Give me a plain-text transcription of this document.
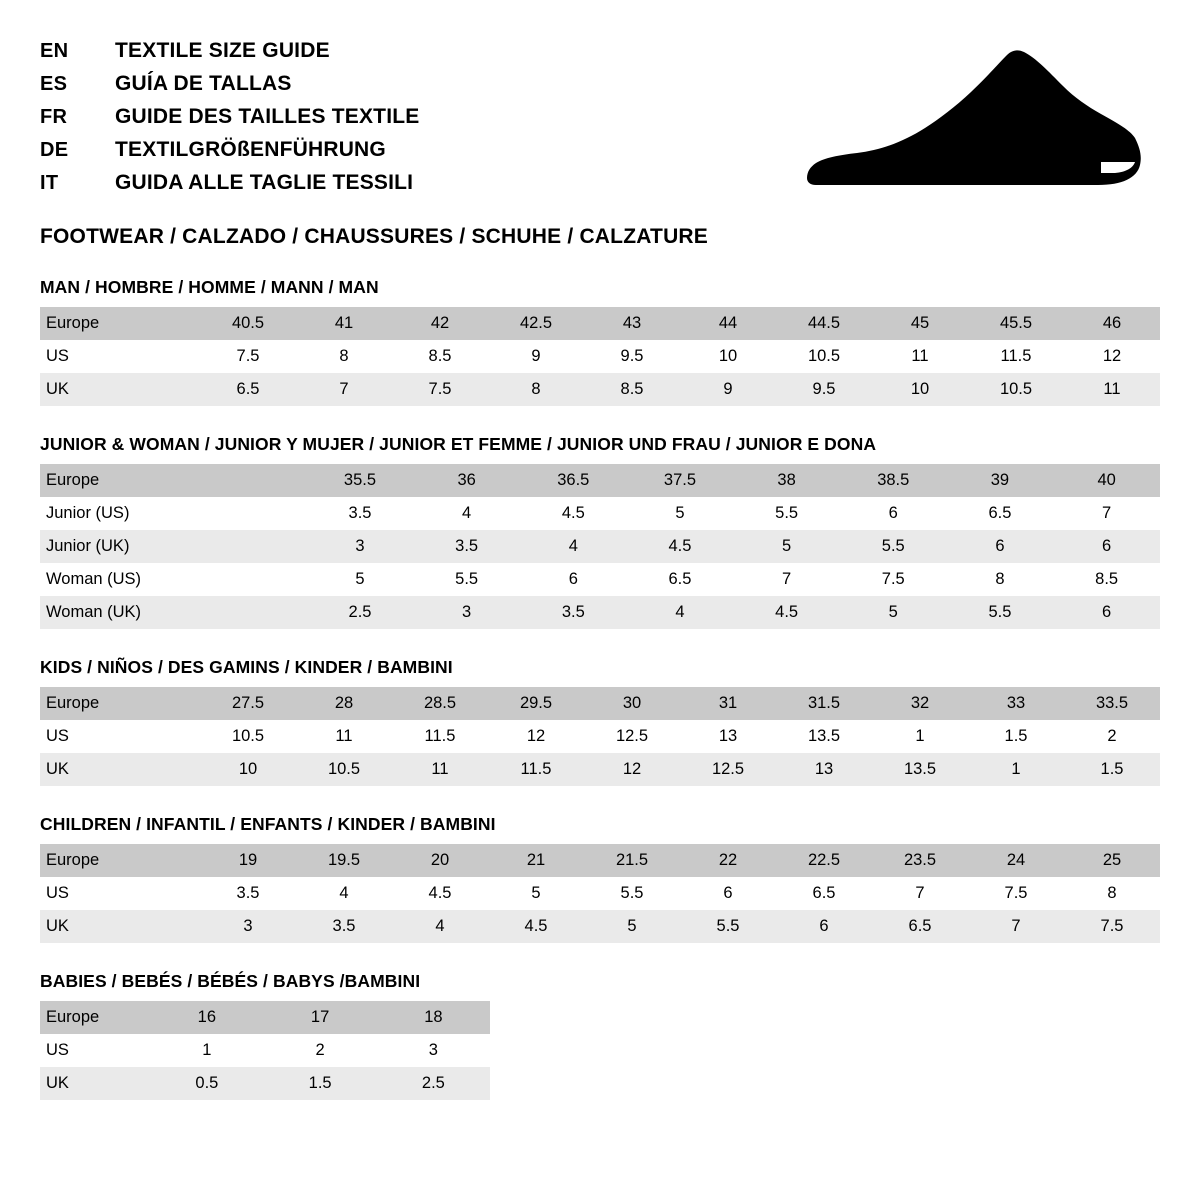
EN	TEXTILE SIZE GUIDE
ES	GUÍA DE TALLAS
FR	GUIDE DES TAILLES TEXTILE
DE	TEXTILGRÖßENFÜHRUNG
IT	GUIDA ALLE TAGLIE TESSILI
FOOTWEAR / CALZADO / CHAUSSURES / SCHUHE / CALZATURE
MAN / HOMBRE / HOMME / MANN / MAN
Europe	40.5	41	42	42.5	43	44	44.5	45	45.5	46
US	7.5	8	8.5	9	9.5	10	10.5	11	11.5	12
UK	6.5	7	7.5	8	8.5	9	9.5	10	10.5	11
JUNIOR & WOMAN / JUNIOR Y MUJER / JUNIOR ET FEMME / JUNIOR UND FRAU / JUNIOR E DONA
Europe		35.5	36	36.5	37.5	38	38.5	39	40
Junior (US)		3.5	4	4.5	5	5.5	6	6.5	7
Junior (UK)		3	3.5	4	4.5	5	5.5	6	6
Woman (US)		5	5.5	6	6.5	7	7.5	8	8.5
Woman (UK)		2.5	3	3.5	4	4.5	5	5.5	6
KIDS / NIÑOS / DES GAMINS / KINDER / BAMBINI
Europe	27.5	28	28.5	29.5	30	31	31.5	32	33	33.5
US	10.5	11	11.5	12	12.5	13	13.5	1	1.5	2
UK	10	10.5	11	11.5	12	12.5	13	13.5	1	1.5
CHILDREN / INFANTIL / ENFANTS / KINDER / BAMBINI
Europe	19	19.5	20	21	21.5	22	22.5	23.5	24	25
US	3.5	4	4.5	5	5.5	6	6.5	7	7.5	8
UK	3	3.5	4	4.5	5	5.5	6	6.5	7	7.5
BABIES / BEBÉS / BÉBÉS / BABYS /BAMBINI
Europe	16	17	18
US	1	2	3
UK	0.5	1.5	2.5
